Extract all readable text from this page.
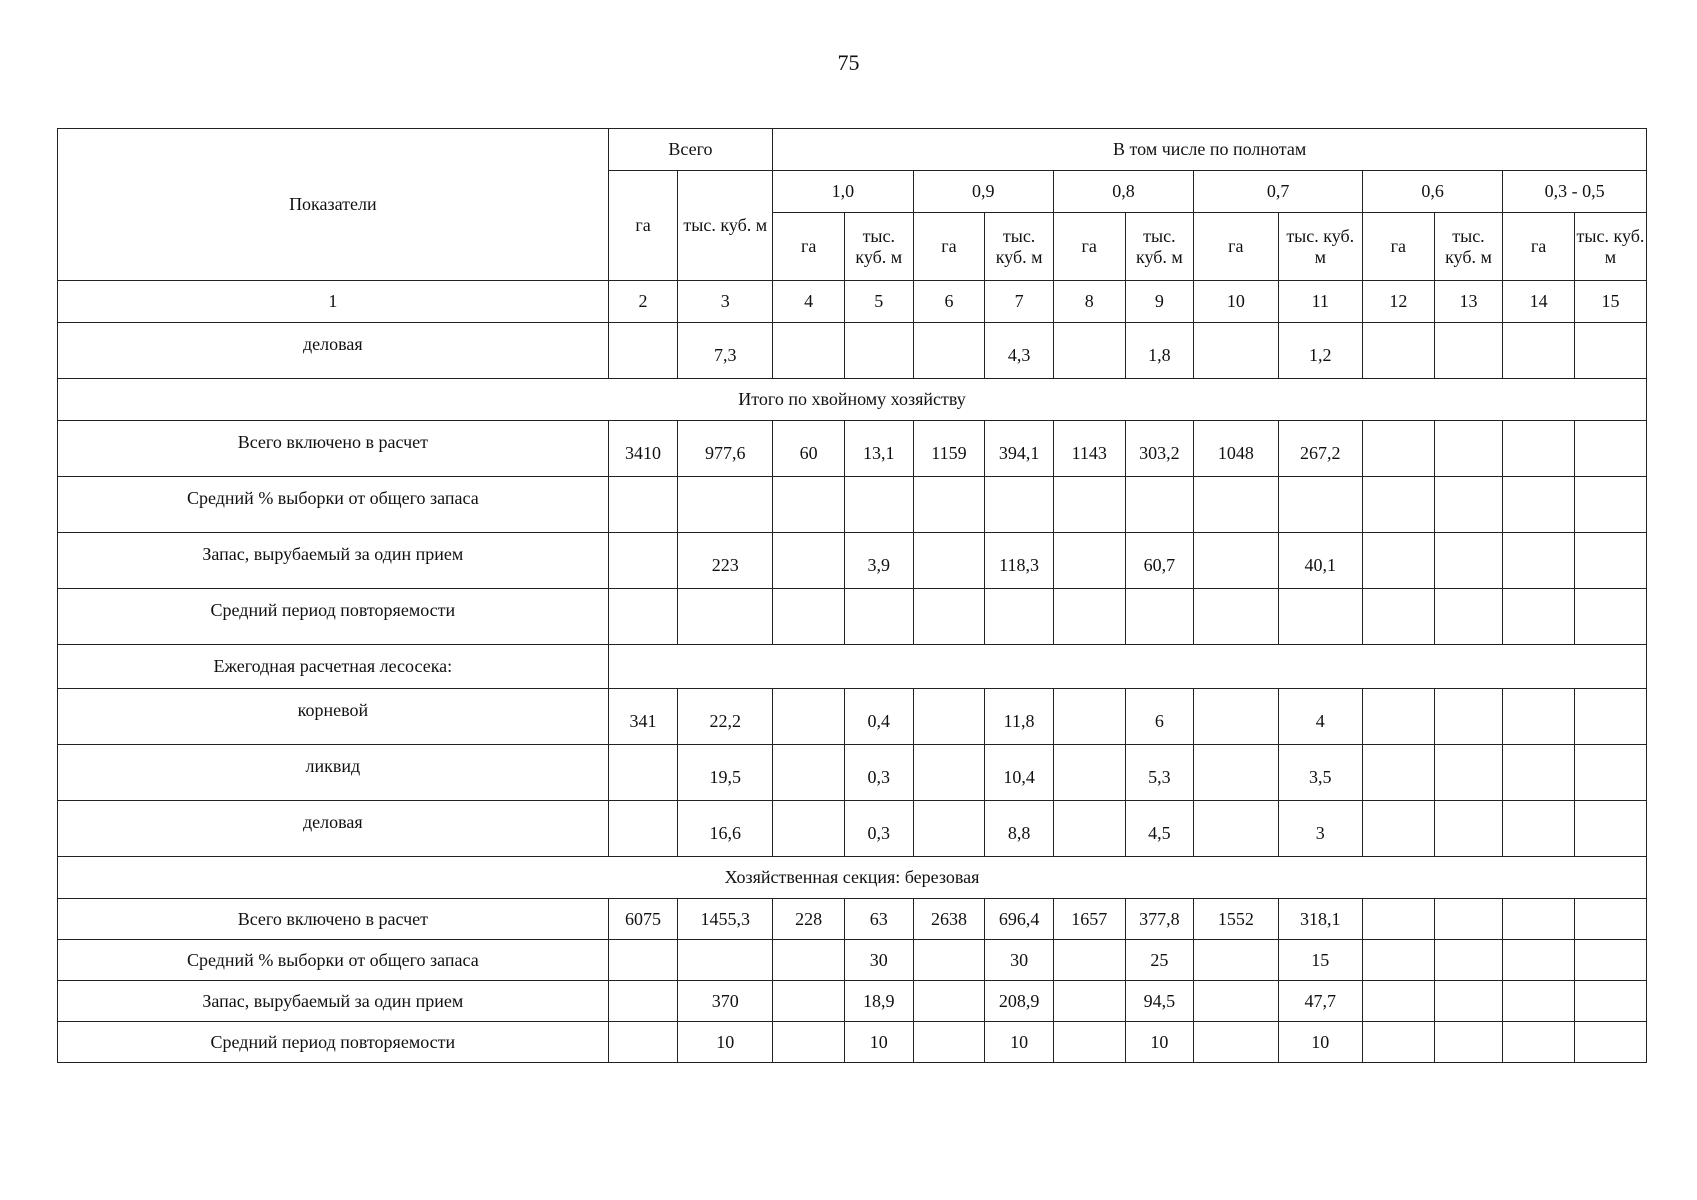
75
Показатели	Всего		В том числе по полнотам											
	га	тыс. куб. м	1,0		0,9		0,8		0,7		0,6		0,3 - 0,5	
			га	тыс. куб. м	га	тыс. куб. м	га	тыс. куб. м	га	тыс. куб. м	га	тыс. куб. м	га	тыс. куб. м
1	2	3	4	5	6	7	8	9	10	11	12	13	14	15
деловая		7,3				4,3		1,8		1,2				
Итого по хвойному хозяйству														
Всего включено в расчет	3410	977,6	60	13,1	1159	394,1	1143	303,2	1048	267,2				
Средний % выборки от общего запаса														
Запас, вырубаемый за один прием		223		3,9		118,3		60,7		40,1				
Средний период повторяемости														
Ежегодная расчетная лесосека:														
корневой	341	22,2		0,4		11,8		6		4				
ликвид		19,5		0,3		10,4		5,3		3,5				
деловая		16,6		0,3		8,8		4,5		3				
Хозяйственная секция: березовая														
Всего включено в расчет	6075	1455,3	228	63	2638	696,4	1657	377,8	1552	318,1				
Средний % выборки от общего запаса				30		30		25		15				
Запас, вырубаемый за один прием		370		18,9		208,9		94,5		47,7				
Средний период повторяемости		10		10		10		10		10				
